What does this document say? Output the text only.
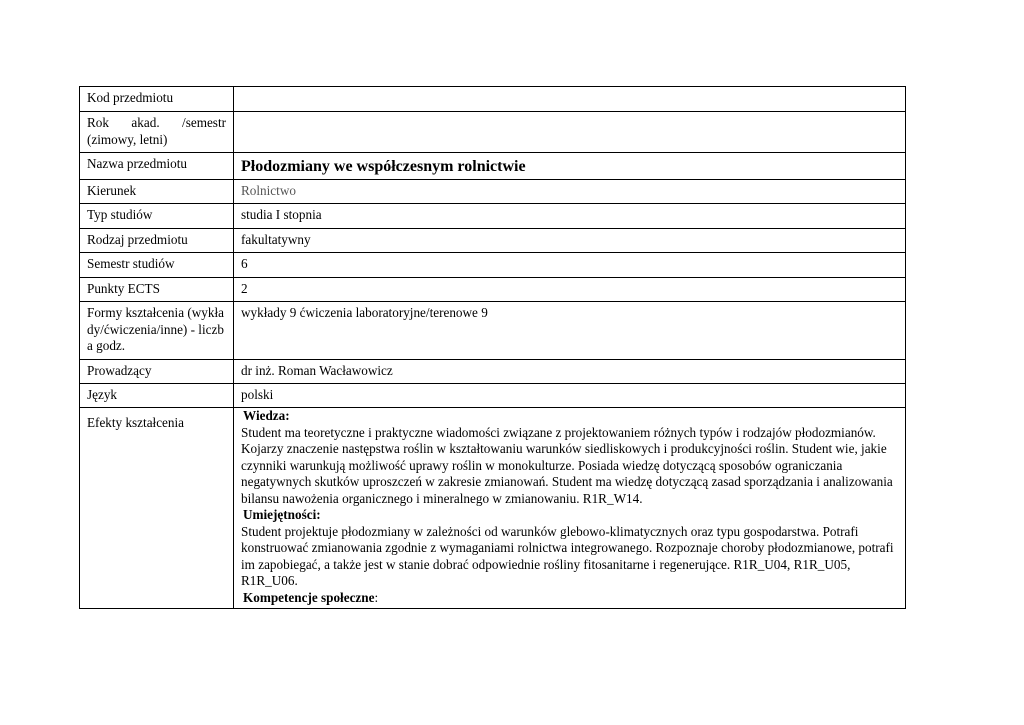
Kod przedmiotu	
Rok akad. /semestr (zimowy, letni)	
Nazwa przedmiotu	Płodozmiany we współczesnym rolnictwie
Kierunek	Rolnictwo
Typ studiów	studia I stopnia
Rodzaj przedmiotu	fakultatywny
Semestr studiów	6
Punkty ECTS	2
Formy kształcenia (wykłady/ćwiczenia/inne) - liczba godz.	wykłady 9 ćwiczenia laboratoryjne/terenowe 9
Prowadzący	dr inż. Roman Wacławowicz
Język	polski
Efekty kształcenia	Wiedza:
Student ma teoretyczne i praktyczne wiadomości związane z projektowaniem różnych typów i rodzajów płodozmianów. Kojarzy znaczenie następstwa roślin w kształtowaniu warunków siedliskowych i produkcyjności roślin. Student wie, jakie czynniki warunkują możliwość uprawy roślin w monokulturze. Posiada wiedzę dotyczącą sposobów ograniczania negatywnych skutków uproszczeń w zakresie zmianowań. Student ma wiedzę dotyczącą zasad sporządzania i analizowania bilansu nawożenia organicznego i mineralnego w zmianowaniu. R1R_W14.
Umiejętności:
Student projektuje płodozmiany w zależności od warunków glebowo-klimatycznych oraz typu gospodarstwa. Potrafi konstruować zmianowania zgodnie z wymaganiami rolnictwa integrowanego. Rozpoznaje choroby płodozmianowe, potrafi im zapobiegać, a także jest w stanie dobrać odpowiednie rośliny fitosanitarne i regenerujące. R1R_U04, R1R_U05, R1R_U06.
Kompetencje społeczne:
